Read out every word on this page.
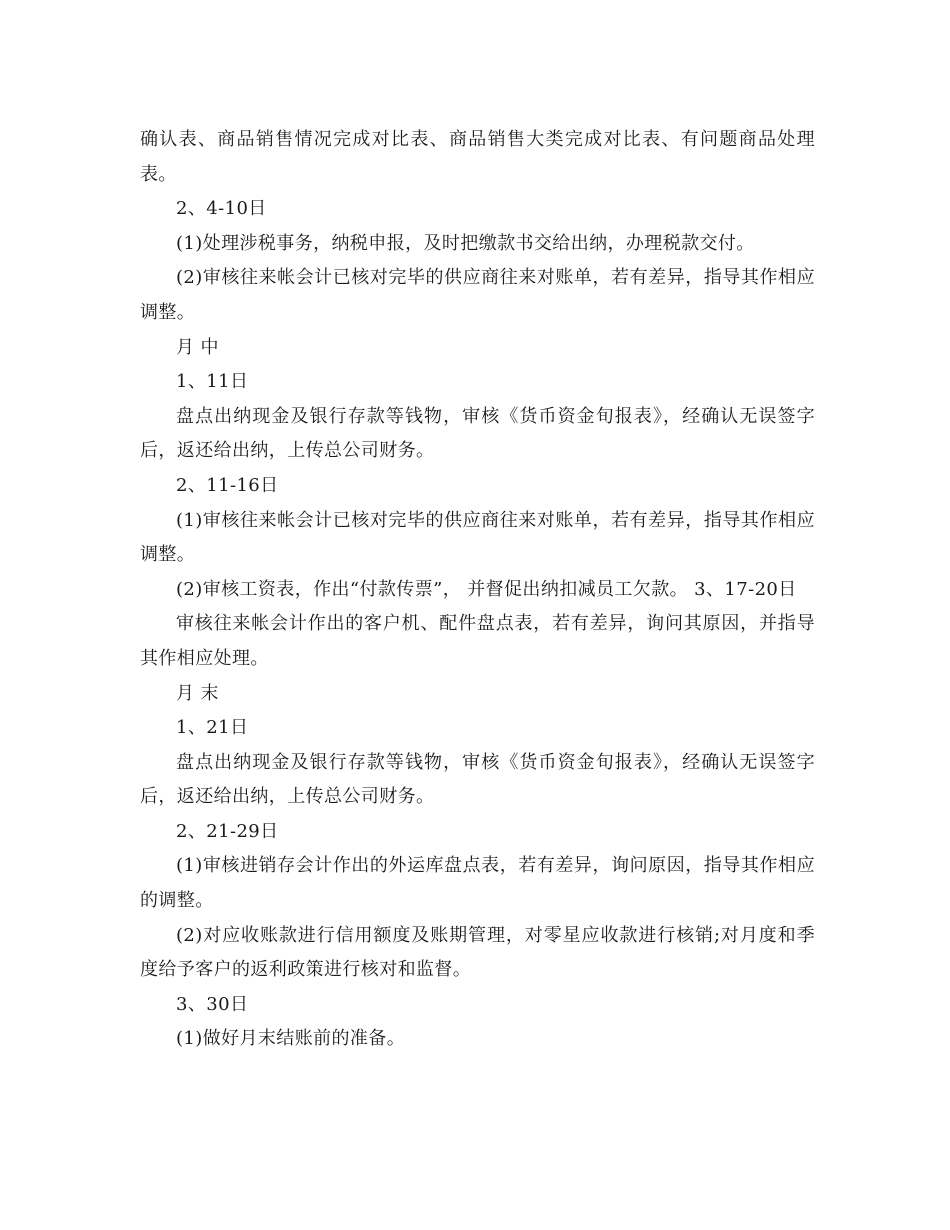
确认表、商品销售情况完成对比表、商品销售大类完成对比表、有问题商品处理表。

2、4-10日

(1)处理涉税事务，纳税申报，及时把缴款书交给出纳，办理税款交付。

(2)审核往来帐会计已核对完毕的供应商往来对账单，若有差异，指导其作相应调整。

月 中

1、11日

盘点出纳现金及银行存款等钱物，审核《货币资金旬报表》，经确认无误签字后，返还给出纳，上传总公司财务。

2、11-16日

(1)审核往来帐会计已核对完毕的供应商往来对账单，若有差异，指导其作相应调整。

(2)审核工资表，作出“付款传票”， 并督促出纳扣减员工欠款。 3、17-20日

审核往来帐会计作出的客户机、配件盘点表，若有差异，询问其原因，并指导其作相应处理。

月 末

1、21日

盘点出纳现金及银行存款等钱物，审核《货币资金旬报表》，经确认无误签字后，返还给出纳，上传总公司财务。

2、21-29日

(1)审核进销存会计作出的外运库盘点表，若有差异，询问原因，指导其作相应的调整。

(2)对应收账款进行信用额度及账期管理，对零星应收款进行核销;对月度和季度给予客户的返利政策进行核对和监督。

3、30日

(1)做好月末结账前的准备。
